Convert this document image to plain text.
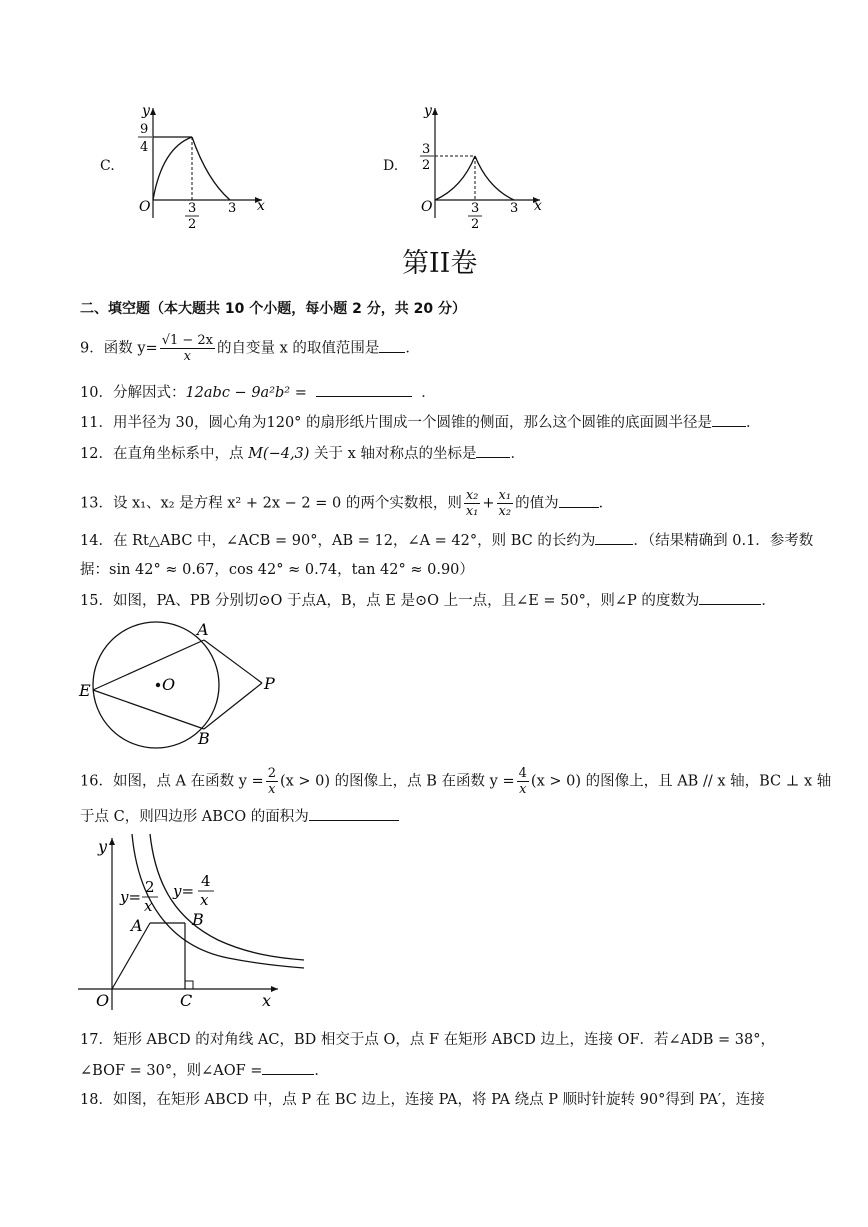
C.
y
x
O
9
4
3
2
3
D.
y
x
O
3
2
3
2
3
第II卷
二、填空题（本大题共 10 个小题，每小题 2 分，共 20 分）
9．函数 $y= \frac{√1 - 2x}{x}$ 的自变量 x 的取值范围是 ．
10．分解因式：12abc − 9a²b² =	．
11．用半径为 30，圆心角为120° 的扇形纸片围成一个圆锥的侧面，那么这个圆锥的底面圆半径是 ．
12．在直角坐标系中，点 M(−4,3) 关于 x 轴对称点的坐标是 ．
13．设 x₁、x₂ 是方程 x² + 2x − 2 = 0 的两个实数根，则 $\frac{\text{x₂}}{\text{x₁}} + \frac{\text{x₁}}{\text{x₂}}$ 的值为	．
14．在 Rt△ABC 中，∠ACB = 90°，AB = 12，∠A = 42°，则 BC 的长约为	．（结果精确到 0.1．参考数
据：sin 42° ≈ 0.67，cos 42° ≈ 0.74，tan 42° ≈ 0.90）
15．如图，PA、PB 分别切⊙O 于点A，B，点 E 是⊙O 上一点，且∠E = 50°，则∠P 的度数为	．
A
B
E	O	P
16．如图，点 A 在函数 $y = \frac{2}{x} (x > 0)$ 的图像上，点 B 在函数 $y = \frac{4}{x} (x > 0)$ 的图像上，且 AB // x 轴，BC ⊥ x 轴
于点 C，则四边形 ABCO 的面积为
y
x
O
A	B
C
y=
2
x
y=
4
x
17．矩形 ABCD 的对角线 AC，BD 相交于点 O，点 F 在矩形 ABCD 边上，连接 OF．若∠ADB = 38°，
∠BOF = 30°，则∠AOF =	．
18．如图，在矩形 ABCD 中，点 P 在 BC 边上，连接 PA，将 PA 绕点 P 顺时针旋转 90°得到 PA′，连接
